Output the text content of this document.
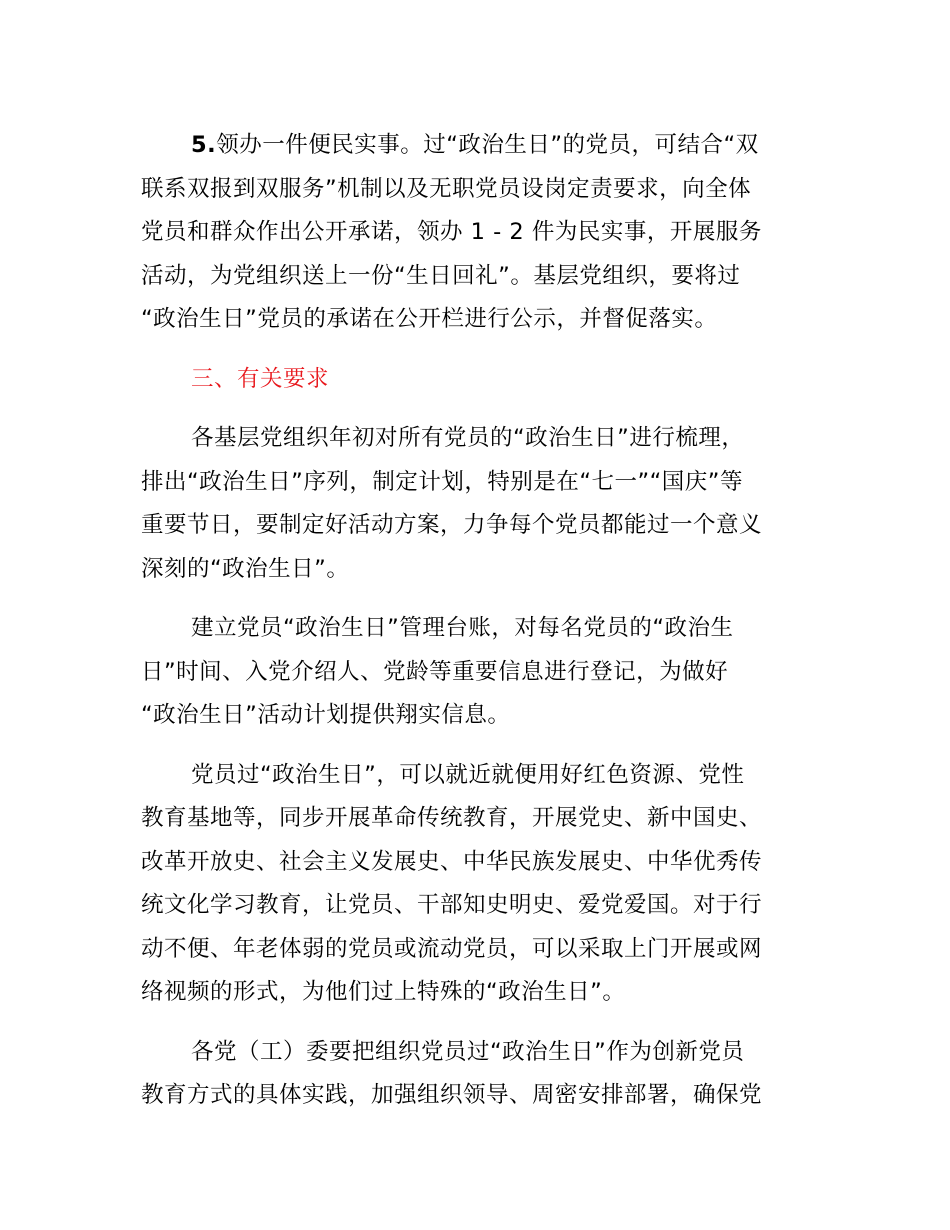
5.领办一件便民实事。过“政治生日”的党员，可结合“双
联系双报到双服务”机制以及无职党员设岗定责要求，向全体
党员和群众作出公开承诺，领办 1 - 2 件为民实事，开展服务
活动，为党组织送上一份“生日回礼”。基层党组织，要将过
“政治生日”党员的承诺在公开栏进行公示，并督促落实。
三、有关要求
各基层党组织年初对所有党员的“政治生日”进行梳理，
排出“政治生日”序列，制定计划，特别是在“七一”“国庆”等
重要节日，要制定好活动方案，力争每个党员都能过一个意义
深刻的“政治生日”。
建立党员“政治生日”管理台账，对每名党员的“政治生
日”时间、入党介绍人、党龄等重要信息进行登记，为做好
“政治生日”活动计划提供翔实信息。
党员过“政治生日”，可以就近就便用好红色资源、党性
教育基地等，同步开展革命传统教育，开展党史、新中国史、
改革开放史、社会主义发展史、中华民族发展史、中华优秀传
统文化学习教育，让党员、干部知史明史、爱党爱国。对于行
动不便、年老体弱的党员或流动党员，可以采取上门开展或网
络视频的形式，为他们过上特殊的“政治生日”。
各党（工）委要把组织党员过“政治生日”作为创新党员
教育方式的具体实践，加强组织领导、周密安排部署，确保党
